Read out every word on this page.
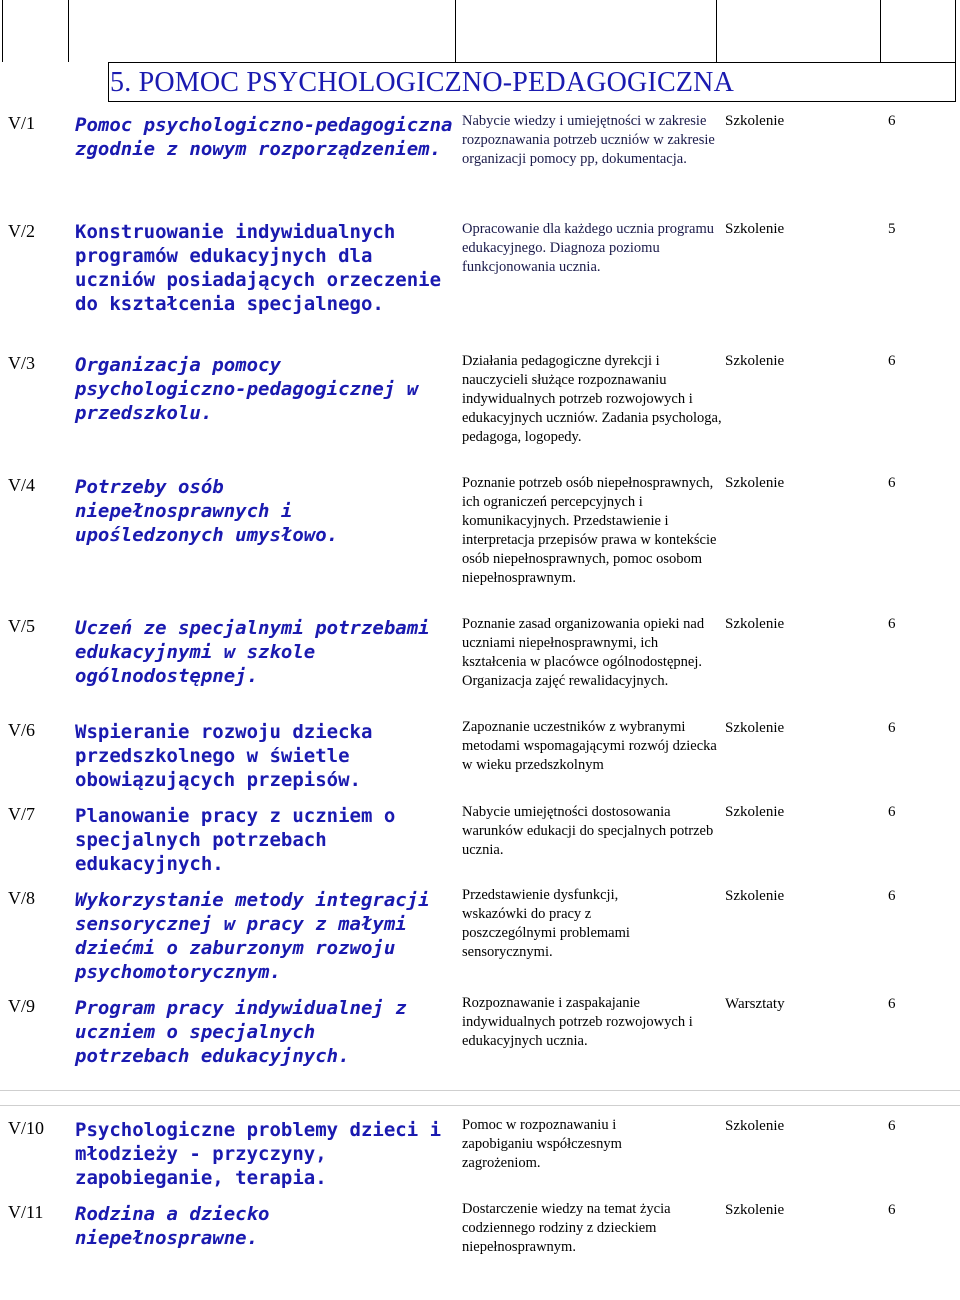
5. POMOC PSYCHOLOGICZNO-PEDAGOGICZNA
V/1 Pomoc psychologiczno-pedagogiczna zgodnie z nowym rozporządzeniem.
Nabycie wiedzy i umiejętności w zakresie rozpoznawania potrzeb uczniów w zakresie organizacji pomocy pp, dokumentacja.
Szkolenie	6
V/2 Konstruowanie indywidualnych programów edukacyjnych dla uczniów posiadających orzeczenie do kształcenia specjalnego.
Opracowanie dla każdego ucznia programu edukacyjnego. Diagnoza poziomu funkcjonowania ucznia.
Szkolenie	5
V/3 Organizacja pomocy psychologiczno-pedagogicznej w przedszkolu.
Działania pedagogiczne dyrekcji i nauczycieli służące rozpoznawaniu indywidualnych potrzeb rozwojowych i edukacyjnych uczniów. Zadania psychologa, pedagoga, logopedy.
Szkolenie	6
V/4 Potrzeby osób niepełnosprawnych i upośledzonych umysłowo.
Poznanie potrzeb osób niepełnosprawnych, ich ograniczeń percepcyjnych i komunikacyjnych. Przedstawienie i interpretacja przepisów prawa w kontekście osób niepełnosprawnych, pomoc osobom niepełnosprawnym.
Szkolenie	6
V/5 Uczeń ze specjalnymi potrzebami edukacyjnymi w szkole ogólnodostępnej.
Poznanie zasad organizowania opieki nad uczniami niepełnosprawnymi, ich kształcenia w placówce ogólnodostępnej. Organizacja zajęć rewalidacyjnych.
Szkolenie	6
V/6 Wspieranie rozwoju dziecka przedszkolnego w świetle obowiązujących przepisów.
Zapoznanie uczestników z wybranymi metodami wspomagającymi rozwój dziecka w wieku przedszkolnym
Szkolenie	6
V/7 Planowanie pracy z uczniem o specjalnych potrzebach edukacyjnych.
Nabycie umiejętności dostosowania warunków edukacji do specjalnych potrzeb ucznia.
Szkolenie	6
V/8 Wykorzystanie metody integracji sensorycznej w pracy z małymi dziećmi o zaburzonym rozwoju psychomotorycznym.
Przedstawienie dysfunkcji, wskazówki do pracy z poszczególnymi problemami sensorycznymi.
Szkolenie	6
V/9 Program pracy indywidualnej z uczniem o specjalnych potrzebach edukacyjnych.
Rozpoznawanie i zaspakajanie indywidualnych potrzeb rozwojowych i edukacyjnych ucznia.
Warsztaty	6
V/10 Psychologiczne problemy dzieci i młodzieży - przyczyny, zapobieganie, terapia.
Pomoc w rozpoznawaniu i zapobiganiu współczesnym zagrożeniom.
Szkolenie	6
V/11 Rodzina a dziecko niepełnosprawne.
Dostarczenie wiedzy na temat życia codziennego rodziny z dzieckiem niepełnosprawnym.
Szkolenie	6
